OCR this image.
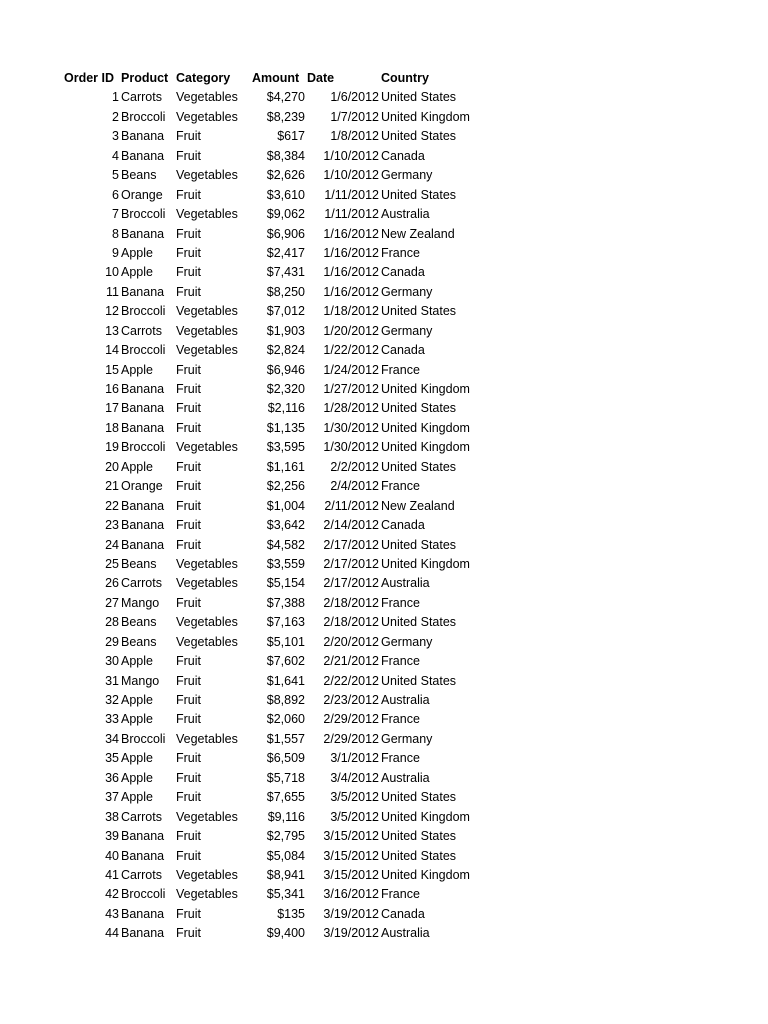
Order ID Product Category Amount Date	Country
1 Carrots	Vegetables	$4,270	1/6/2012 United States
2 Broccoli Vegetables	$8,239	1/7/2012 United Kingdom
3 Banana Fruit	$617	1/8/2012 United States
4 Banana Fruit	$8,384	1/10/2012 Canada
5 Beans	Vegetables	$2,626	1/10/2012 Germany
6 Orange	Fruit	$3,610	1/11/2012 United States
7 Broccoli Vegetables	$9,062	1/11/2012 Australia
8 Banana Fruit	$6,906	1/16/2012 New Zealand
9 Apple	Fruit	$2,417	1/16/2012 France
10 Apple	Fruit	$7,431	1/16/2012 Canada
11 Banana Fruit	$8,250	1/16/2012 Germany
12 Broccoli Vegetables	$7,012	1/18/2012 United States
13 Carrots	Vegetables	$1,903	1/20/2012 Germany
14 Broccoli Vegetables	$2,824	1/22/2012 Canada
15 Apple	Fruit	$6,946	1/24/2012 France
16 Banana Fruit	$2,320	1/27/2012 United Kingdom
17 Banana Fruit	$2,116	1/28/2012 United States
18 Banana Fruit	$1,135	1/30/2012 United Kingdom
19 Broccoli Vegetables	$3,595	1/30/2012 United Kingdom
20 Apple	Fruit	$1,161	2/2/2012 United States
21 Orange	Fruit	$2,256	2/4/2012 France
22 Banana Fruit	$1,004	2/11/2012 New Zealand
23 Banana Fruit	$3,642	2/14/2012 Canada
24 Banana Fruit	$4,582	2/17/2012 United States
25 Beans	Vegetables	$3,559	2/17/2012 United Kingdom
26 Carrots	Vegetables	$5,154	2/17/2012 Australia
27 Mango	Fruit	$7,388	2/18/2012 France
28 Beans	Vegetables	$7,163	2/18/2012 United States
29 Beans	Vegetables	$5,101	2/20/2012 Germany
30 Apple	Fruit	$7,602	2/21/2012 France
31 Mango	Fruit	$1,641	2/22/2012 United States
32 Apple	Fruit	$8,892	2/23/2012 Australia
33 Apple	Fruit	$2,060	2/29/2012 France
34 Broccoli Vegetables	$1,557	2/29/2012 Germany
35 Apple	Fruit	$6,509	3/1/2012 France
36 Apple	Fruit	$5,718	3/4/2012 Australia
37 Apple	Fruit	$7,655	3/5/2012 United States
38 Carrots	Vegetables	$9,116	3/5/2012 United Kingdom
39 Banana Fruit	$2,795	3/15/2012 United States
40 Banana Fruit	$5,084	3/15/2012 United States
41 Carrots	Vegetables	$8,941	3/15/2012 United Kingdom
42 Broccoli Vegetables	$5,341	3/16/2012 France
43 Banana Fruit	$135	3/19/2012 Canada
44 Banana Fruit	$9,400	3/19/2012 Australia
